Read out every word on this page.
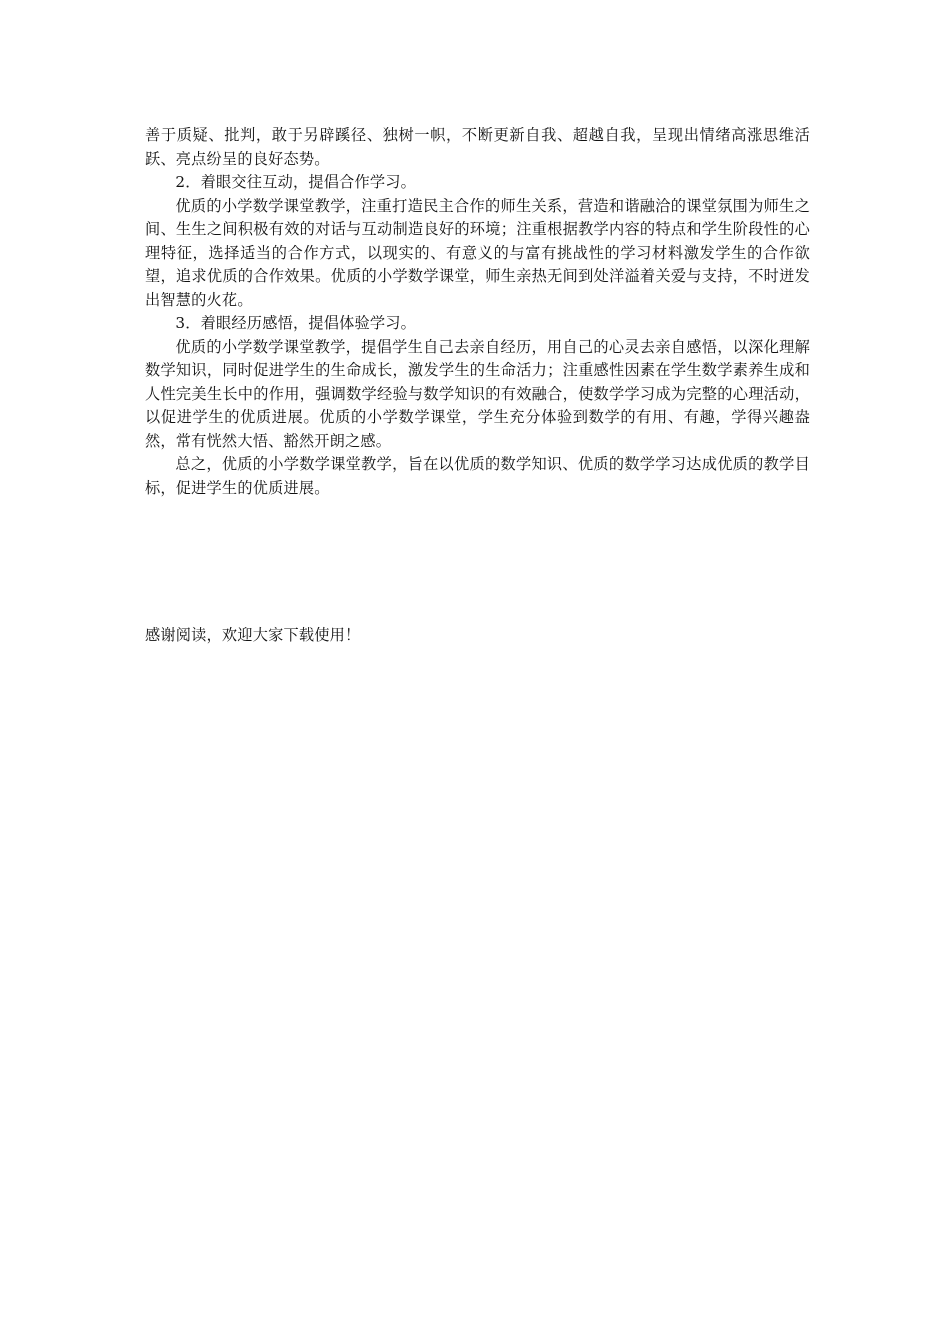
善于质疑、批判，敢于另辟蹊径、独树一帜，不断更新自我、超越自我，呈现出情绪高涨思维活跃、亮点纷呈的良好态势。

2．着眼交往互动，提倡合作学习。

优质的小学数学课堂教学，注重打造民主合作的师生关系，营造和谐融洽的课堂氛围为师生之间、生生之间积极有效的对话与互动制造良好的环境；注重根据教学内容的特点和学生阶段性的心理特征，选择适当的合作方式，以现实的、有意义的与富有挑战性的学习材料激发学生的合作欲望，追求优质的合作效果。优质的小学数学课堂，师生亲热无间到处洋溢着关爱与支持，不时迸发出智慧的火花。

3．着眼经历感悟，提倡体验学习。

优质的小学数学课堂教学，提倡学生自己去亲自经历，用自己的心灵去亲自感悟，以深化理解数学知识，同时促进学生的生命成长，激发学生的生命活力；注重感性因素在学生数学素养生成和人性完美生长中的作用，强调数学经验与数学知识的有效融合，使数学学习成为完整的心理活动，以促进学生的优质进展。优质的小学数学课堂，学生充分体验到数学的有用、有趣，学得兴趣盎然，常有恍然大悟、豁然开朗之感。

总之，优质的小学数学课堂教学，旨在以优质的数学知识、优质的数学学习达成优质的教学目标，促进学生的优质进展。

感谢阅读，欢迎大家下载使用！
